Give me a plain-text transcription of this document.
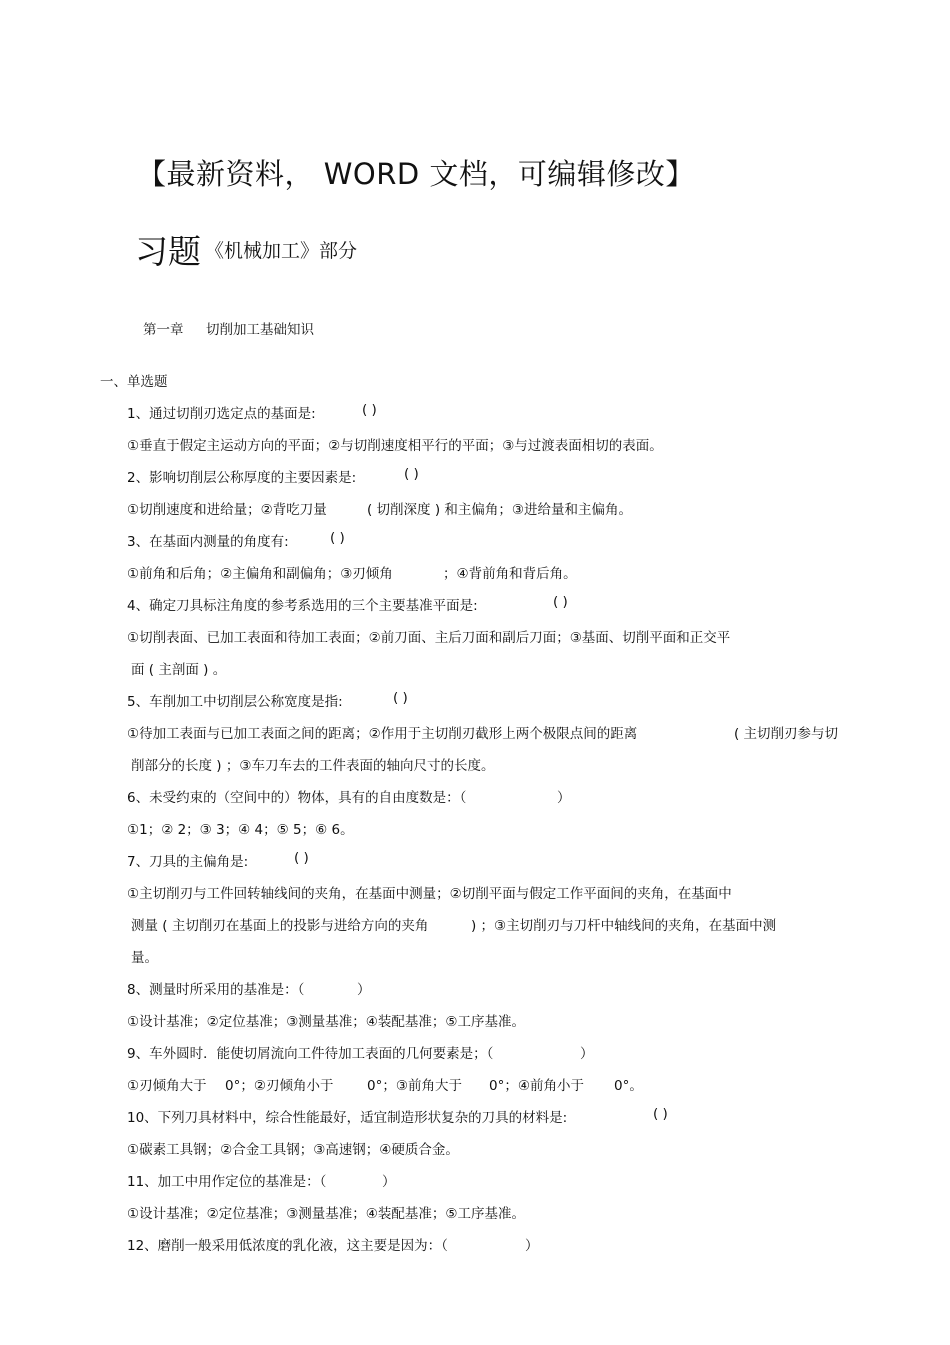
【最新资料， WORD 文档，可编辑修改】
习题 《机械加工》部分
第一章 切削加工基础知识
一、单选题
1、通过切削刃选定点的基面是:	( )
①垂直于假定主运动方向的平面；②与切削速度相平行的平面；③与过渡表面相切的表面。
2、影响切削层公称厚度的主要因素是:	( )
①切削速度和进给量；②背吃刀量	( 切削深度 ) 和主偏角；③进给量和主偏角。
3、在基面内测量的角度有:	( )
①前角和后角；②主偏角和副偏角；③刃倾角	；④背前角和背后角。
4、确定刀具标注角度的参考系选用的三个主要基准平面是:	( )
①切削表面、已加工表面和待加工表面；②前刀面、主后刀面和副后刀面；③基面、切削平面和正交平
面 ( 主剖面 ) 。
5、车削加工中切削层公称宽度是指:	( )
①待加工表面与已加工表面之间的距离；②作用于主切削刃截形上两个极限点间的距离	( 主切削刃参与切
削部分的长度 ) ；③车刀车去的工件表面的轴向尺寸的长度。
6、未受约束的（空间中的）物体，具有的自由度数是：（	）
①1；② 2；③ 3；④ 4；⑤ 5；⑥ 6。
7、刀具的主偏角是:	( )
①主切削刃与工件回转轴线间的夹角，在基面中测量；②切削平面与假定工作平面间的夹角，在基面中
测量 ( 主切削刃在基面上的投影与进给方向的夹角	) ；③主切削刃与刀杆中轴线间的夹角，在基面中测
量。
8、测量时所采用的基准是：（	）
①设计基准；②定位基准；③测量基准；④装配基准；⑤工序基准。
9、车外圆时．能使切屑流向工件待加工表面的几何要素是；（	）
①刃倾角大于 0°；②刃倾角小于 0°；③前角大于 0°；④前角小于 0°。
10、下列刀具材料中，综合性能最好，适宜制造形状复杂的刀具的材料是:	( )
①碳素工具钢；②合金工具钢；③高速钢；④硬质合金。
11、加工中用作定位的基准是：（	）
①设计基准；②定位基准；③测量基准；④装配基准；⑤工序基准。
12、磨削一般采用低浓度的乳化液，这主要是因为：（	）
